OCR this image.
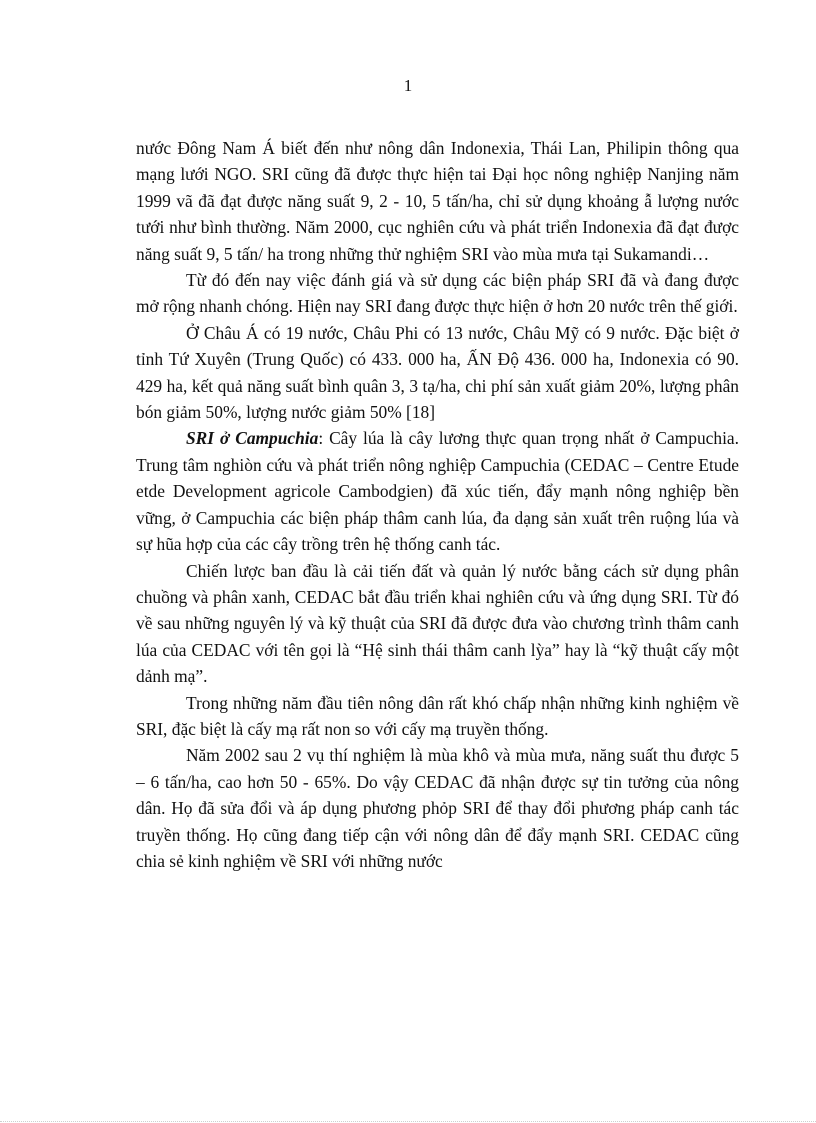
1

nước Đông Nam Á biết đến như nông dân Indonexia, Thái Lan, Philipin thông qua mạng lưới NGO. SRI cũng đã được thực hiện tai Đại học nông nghiệp Nanjing năm 1999 vã đã đạt được năng suất 9, 2 - 10, 5 tấn/ha, chỉ sử dụng khoảng ẫ lượng nước tưới như bình thường. Năm 2000, cục nghiên cứu và phát triển Indonexia đã đạt được năng suất 9, 5 tấn/ ha trong những thử nghiệm SRI vào mùa mưa tại Sukamandi…

Từ đó đến nay việc đánh giá và sử dụng các biện pháp SRI đã và đang được mở rộng nhanh chóng. Hiện nay SRI đang được thực hiện ở hơn 20 nước trên thế giới.

Ở Châu Á có 19 nước, Châu Phi có 13 nước, Châu Mỹ có 9 nước. Đặc biệt ở tỉnh Tứ Xuyên (Trung Quốc) có 433. 000 ha, ẤN Độ 436. 000 ha, Indonexia có 90. 429 ha, kết quả năng suất bình quân 3, 3 tạ/ha, chi phí sản xuất giảm 20%, lượng phân bón giảm 50%, lượng nước giảm 50% [18]

SRI ở Campuchia: Cây lúa là cây lương thực quan trọng nhất ở Campuchia. Trung tâm nghiòn cứu và phát triển nông nghiệp Campuchia (CEDAC – Centre Etude etde Development agricole Cambodgien) đã xúc tiến, đẩy mạnh nông nghiệp bền vững, ở Campuchia các biện pháp thâm canh lúa, đa dạng sản xuất trên ruộng lúa và sự hũa hợp của các cây trồng trên hệ thống canh tác.

Chiến lược ban đầu là cải tiến đất và quản lý nước bằng cách sử dụng phân chuồng và phân xanh, CEDAC bắt đầu triển khai nghiên cứu và ứng dụng SRI. Từ đó về sau những nguyên lý và kỹ thuật của SRI đã được đưa vào chương trình thâm canh lúa của CEDAC với tên gọi là “Hệ sinh thái thâm canh lỳa” hay là “kỹ thuật cấy một dảnh mạ”.

Trong những năm đầu tiên nông dân rất khó chấp nhận những kinh nghiệm về SRI, đặc biệt là cấy mạ rất non so với cấy mạ truyền thống.

Năm 2002 sau 2 vụ thí nghiệm là mùa khô và mùa mưa, năng suất thu được 5 – 6 tấn/ha, cao hơn 50 - 65%. Do vậy CEDAC đã nhận được sự tin tưởng của nông dân. Họ đã sửa đổi và áp dụng phương phỏp SRI để thay đổi phương pháp canh tác truyền thống. Họ cũng đang tiếp cận với nông dân để đẩy mạnh SRI. CEDAC cũng chia sẻ kinh nghiệm về SRI với những nước
